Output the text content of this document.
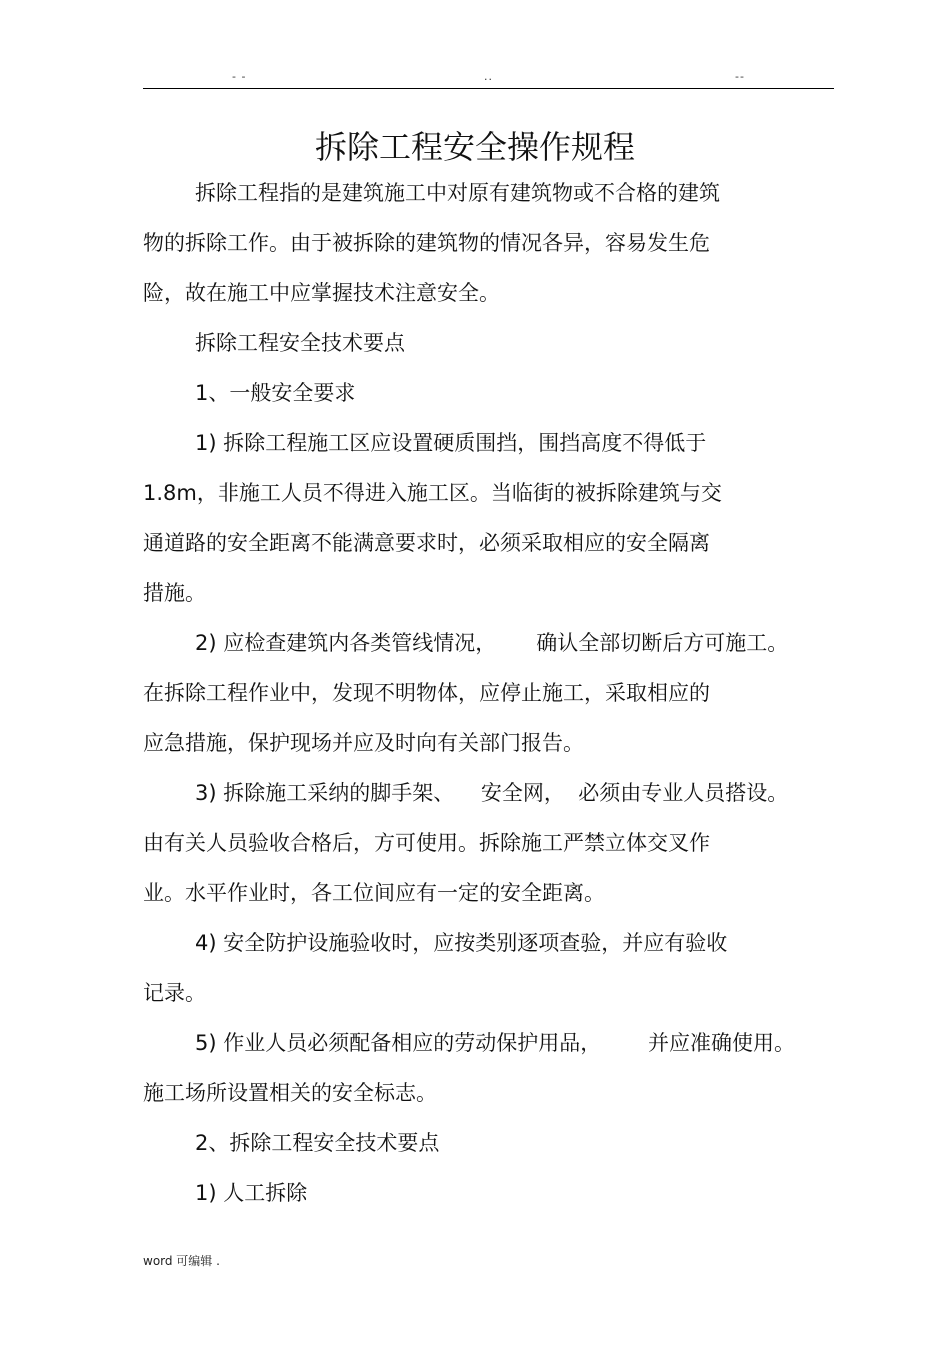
- -	..	--
拆除工程安全操作规程
拆除工程指的是建筑施工中对原有建筑物或不合格的建筑
物的拆除工作。由于被拆除的建筑物的情况各异，容易发生危
险，故在施工中应掌握技术注意安全。
拆除工程安全技术要点
1、一般安全要求
1) 拆除工程施工区应设置硬质围挡，围挡高度不得低于
1.8m，非施工人员不得进入施工区。当临街的被拆除建筑与交
通道路的安全距离不能满意要求时，必须采取相应的安全隔离
措施。
2) 应检查建筑内各类管线情况，      确认全部切断后方可施工。
在拆除工程作业中，发现不明物体，应停止施工，采取相应的
应急措施，保护现场并应及时向有关部门报告。
3) 拆除施工采纳的脚手架、    安全网，  必须由专业人员搭设。
由有关人员验收合格后，方可使用。拆除施工严禁立体交叉作
业。水平作业时，各工位间应有一定的安全距离。
4) 安全防护设施验收时，应按类别逐项查验，并应有验收
记录。
5) 作业人员必须配备相应的劳动保护用品，       并应准确使用。
施工场所设置相关的安全标志。
2、拆除工程安全技术要点
1) 人工拆除
word 可编辑 .
